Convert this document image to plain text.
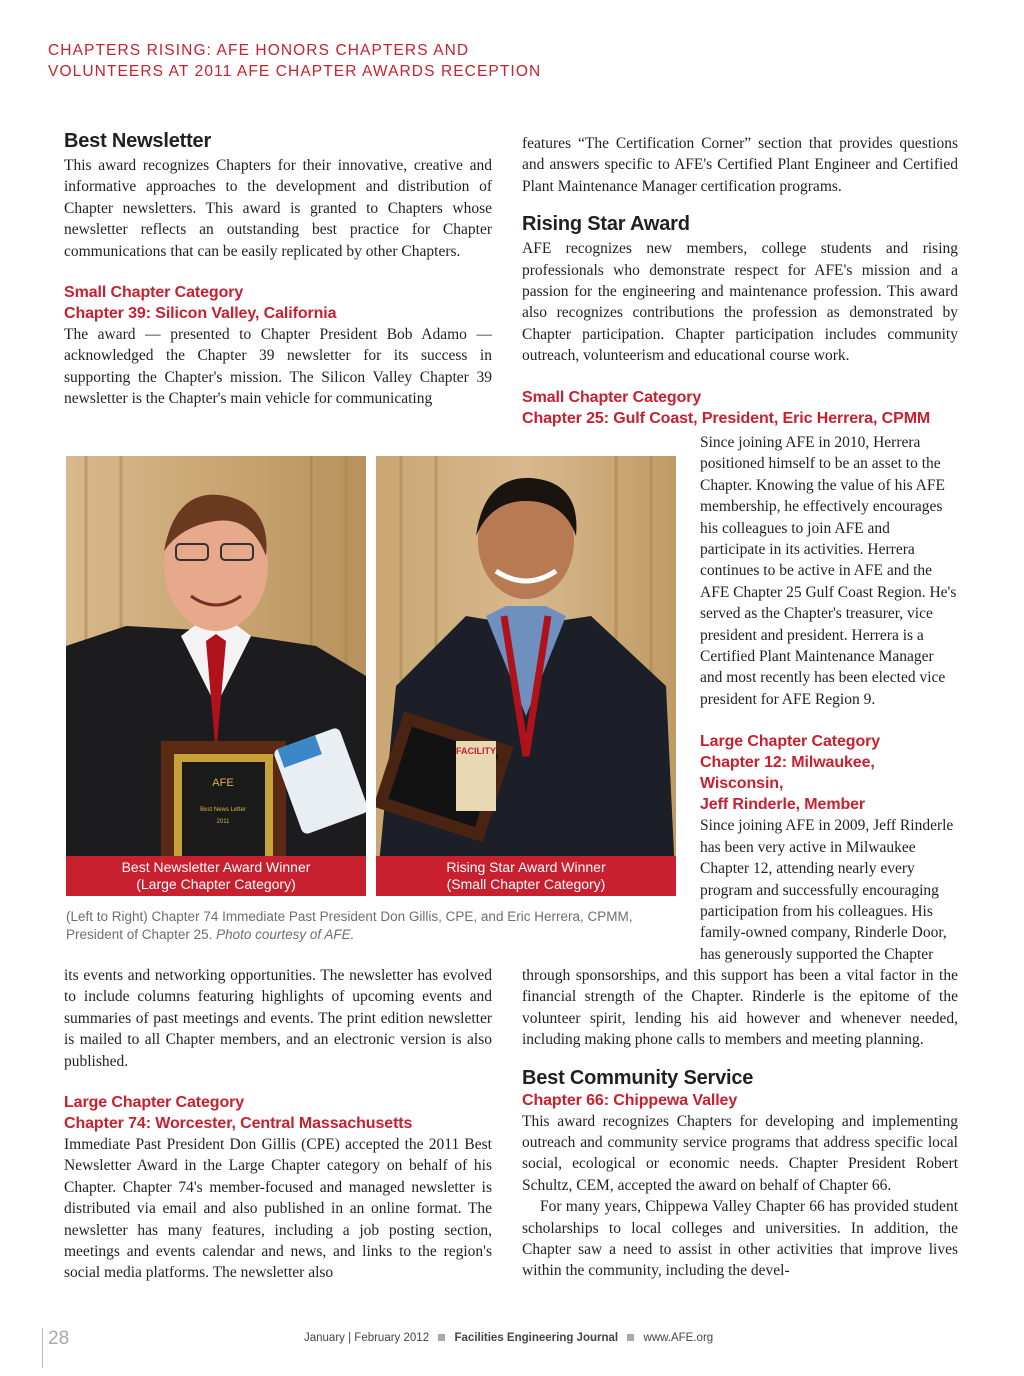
CHAPTERS RISING: AFE HONORS CHAPTERS AND
VOLUNTEERS AT 2011 AFE CHAPTER AWARDS RECEPTION
Best Newsletter
This award recognizes Chapters for their innovative, creative and informative approaches to the development and distribution of Chapter newsletters. This award is granted to Chapters whose newsletter reflects an outstanding best practice for Chapter communications that can be easily replicated by other Chapters.
Small Chapter Category
Chapter 39: Silicon Valley, California
The award — presented to Chapter President Bob Adamo — acknowledged the Chapter 39 newsletter for its success in supporting the Chapter's mission. The Silicon Valley Chapter 39 newsletter is the Chapter's main vehicle for communicating
AFE
Best News Letter
2011
Best Newsletter Award Winner
(Large Chapter Category)
FACILITY
Rising Star Award Winner
(Small Chapter Category)
(Left to Right) Chapter 74 Immediate Past President Don Gillis, CPE, and Eric Herrera, CPMM, President of Chapter 25. Photo courtesy of AFE.
its events and networking opportunities. The newsletter has evolved to include columns featuring highlights of upcoming events and summaries of past meetings and events. The print edition newsletter is mailed to all Chapter members, and an electronic version is also published.
Large Chapter Category
Chapter 74: Worcester, Central Massachusetts
Immediate Past President Don Gillis (CPE) accepted the 2011 Best Newsletter Award in the Large Chapter category on behalf of his Chapter. Chapter 74's member-focused and managed newsletter is distributed via email and also published in an online format. The newsletter has many features, including a job posting section, meetings and events calendar and news, and links to the region's social media platforms. The newsletter also
features “The Certification Corner” section that provides questions and answers specific to AFE's Certified Plant Engineer and Certified Plant Maintenance Manager certification programs.
Rising Star Award
AFE recognizes new members, college students and rising professionals who demonstrate respect for AFE's mission and a passion for the engineering and maintenance profession. This award also recognizes contributions the profession as demonstrated by Chapter participation. Chapter participation includes community outreach, volunteerism and educational course work.
Small Chapter Category
Chapter 25: Gulf Coast, President, Eric Herrera, CPMM
Since joining AFE in 2010, Herrera positioned himself to be an asset to the Chapter. Knowing the value of his AFE membership, he effectively encourages his colleagues to join AFE and participate in its activities. Herrera continues to be active in AFE and the AFE Chapter 25 Gulf Coast Region. He's served as the Chapter's treasurer, vice president and president. Herrera is a Certified Plant Maintenance Manager and most recently has been elected vice president for AFE Region 9.
Large Chapter Category
Chapter 12: Milwaukee, Wisconsin,
Jeff Rinderle, Member
Since joining AFE in 2009, Jeff Rinderle has been very active in Milwaukee Chapter 12, attending nearly every program and successfully encouraging participation from his colleagues. His family-owned company, Rinderle Door, has generously supported the Chapter
through sponsorships, and this support has been a vital factor in the financial strength of the Chapter. Rinderle is the epitome of the volunteer spirit, lending his aid however and whenever needed, including making phone calls to members and meeting planning.
Best Community Service
Chapter 66: Chippewa Valley
This award recognizes Chapters for developing and implementing outreach and community service programs that address specific local social, ecological or economic needs. Chapter President Robert Schultz, CEM, accepted the award on behalf of Chapter 66.
For many years, Chippewa Valley Chapter 66 has provided student scholarships to local colleges and universities. In addition, the Chapter saw a need to assist in other activities that improve lives within the community, including the devel-
28	January | February 2012 Facilities Engineering Journal www.AFE.org
